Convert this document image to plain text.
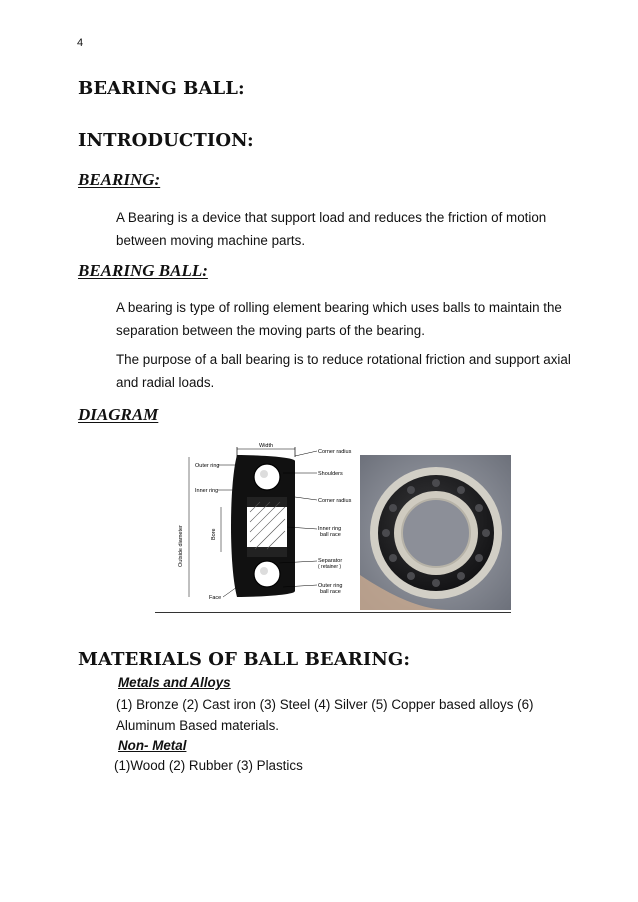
4
BEARING BALL:
INTRODUCTION:
BEARING:
A Bearing is a device that support load and reduces the friction of motion between moving machine parts.
BEARING BALL:
A bearing is type of rolling element bearing which uses balls to maintain the separation between the moving parts of the bearing.
The purpose of a ball bearing is to reduce rotational friction and support axial and radial loads.
DIAGRAM
Width
Outer ring
Inner ring
Outside diameter	Bore
Face
Corner radius
Shoulders
Corner radius
Inner ring
ball race
Separator
( retainer )
Outer ring
ball race
MATERIALS OF BALL BEARING:
Metals and Alloys
(1) Bronze (2) Cast iron (3) Steel (4) Silver (5) Copper based alloys (6) Aluminum Based materials.
Non- Metal
(1)Wood (2) Rubber (3) Plastics
